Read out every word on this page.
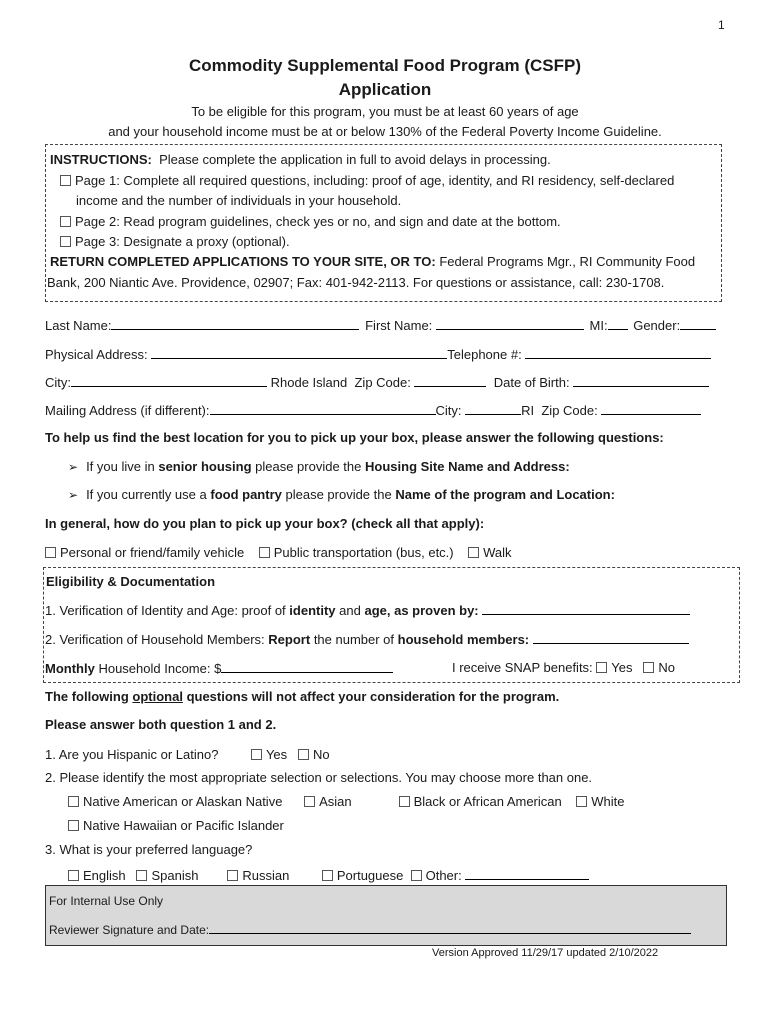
1
Commodity Supplemental Food Program (CSFP)
Application
To be eligible for this program, you must be at least 60 years of age
and your household income must be at or below 130% of the Federal Poverty Income Guideline.
INSTRUCTIONS: Please complete the application in full to avoid delays in processing.
Page 1: Complete all required questions, including: proof of age, identity, and RI residency, self-declared
income and the number of individuals in your household.
Page 2: Read program guidelines, check yes or no, and sign and date at the bottom.
Page 3: Designate a proxy (optional).
RETURN COMPLETED APPLICATIONS TO YOUR SITE, OR TO: Federal Programs Mgr., RI Community Food
Bank, 200 Niantic Ave. Providence, 02907; Fax: 401-942-2113. For questions or assistance, call: 230-1708.
Last Name:	First Name:	MI: Gender:
Physical Address:	Telephone #:
City:	Rhode Island Zip Code:	Date of Birth:
Mailing Address (if different):	City:	RI Zip Code:
To help us find the best location for you to pick up your box, please answer the following questions:
➢ If you live in senior housing please provide the Housing Site Name and Address:
➢ If you currently use a food pantry please provide the Name of the program and Location:
In general, how do you plan to pick up your box? (check all that apply):
Personal or friend/family vehicle Public transportation (bus, etc.) Walk
Eligibility & Documentation
1. Verification of Identity and Age: proof of identity and age, as proven by:
2. Verification of Household Members: Report the number of household members:
Monthly Household Income: $	I receive SNAP benefits: Yes No
The following optional questions will not affect your consideration for the program.
Please answer both question 1 and 2.
1. Are you Hispanic or Latino?	Yes No
2. Please identify the most appropriate selection or selections. You may choose more than one.
Native American or Alaskan Native	Asian	Black or African American White
Native Hawaiian or Pacific Islander
3. What is your preferred language?
English Spanish	Russian	Portuguese Other:
For Internal Use Only
Reviewer Signature and Date:
Version Approved 11/29/17 updated 2/10/2022
